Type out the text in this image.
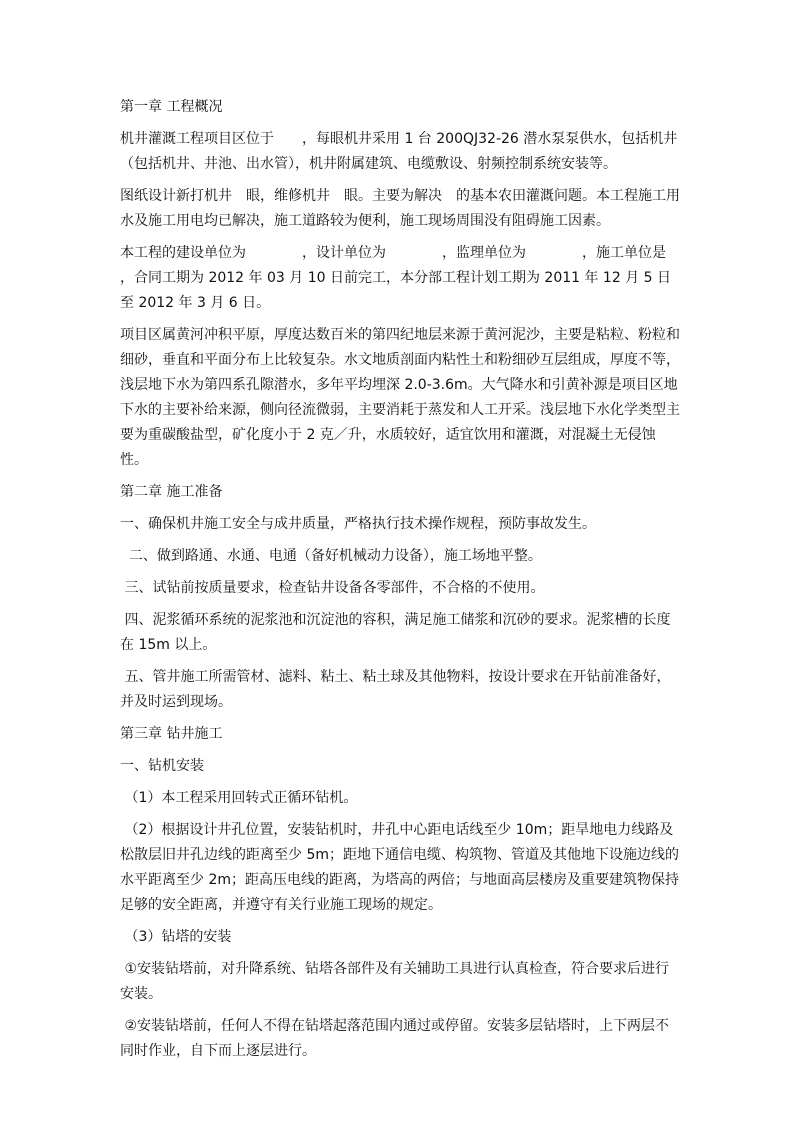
第一章 工程概况

机井灌溉工程项目区位于　　，每眼机井采用 1 台 200QJ32-26 潜水泵泵供水，包括机井（包括机井、井池、出水管），机井附属建筑、电缆敷设、射频控制系统安装等。

图纸设计新打机井　眼，维修机井　眼。主要为解决　的基本农田灌溉问题。本工程施工用水及施工用电均已解决，施工道路较为便利，施工现场周围没有阻碍施工因素。

本工程的建设单位为　　　　，设计单位为　　　　，监理单位为　　　　，施工单位是　　　　，合同工期为 2012 年 03 月 10 日前完工，本分部工程计划工期为 2011 年 12 月 5 日至 2012 年 3 月 6 日。

项目区属黄河冲积平原，厚度达数百米的第四纪地层来源于黄河泥沙，主要是粘粒、粉粒和细砂，垂直和平面分布上比较复杂。水文地质剖面内粘性土和粉细砂互层组成，厚度不等，浅层地下水为第四系孔隙潜水，多年平均埋深 2.0-3.6m。大气降水和引黄补源是项目区地下水的主要补给来源，侧向径流微弱，主要消耗于蒸发和人工开采。浅层地下水化学类型主要为重碳酸盐型，矿化度小于 2 克／升，水质较好，适宜饮用和灌溉，对混凝土无侵蚀性。

第二章 施工准备

一、确保机井施工安全与成井质量，严格执行技术操作规程，预防事故发生。

二、做到路通、水通、电通（备好机械动力设备），施工场地平整。

三、试钻前按质量要求，检查钻井设备各零部件，不合格的不使用。

四、泥浆循环系统的泥浆池和沉淀池的容积，满足施工储浆和沉砂的要求。泥浆槽的长度在 15m 以上。

五、管井施工所需管材、滤料、粘土、粘土球及其他物料，按设计要求在开钻前准备好，并及时运到现场。

第三章 钻井施工

一、钻机安装

（1）本工程采用回转式正循环钻机。

（2）根据设计井孔位置，安装钻机时，井孔中心距电话线至少 10m；距旱地电力线路及松散层旧井孔边线的距离至少 5m；距地下通信电缆、构筑物、管道及其他地下设施边线的水平距离至少 2m；距高压电线的距离，为塔高的两倍；与地面高层楼房及重要建筑物保持足够的安全距离，并遵守有关行业施工现场的规定。

（3）钻塔的安装

①安装钻塔前，对升降系统、钻塔各部件及有关辅助工具进行认真检查，符合要求后进行安装。

②安装钻塔前，任何人不得在钻塔起落范围内通过或停留。安装多层钻塔时，上下两层不同时作业，自下而上逐层进行。
